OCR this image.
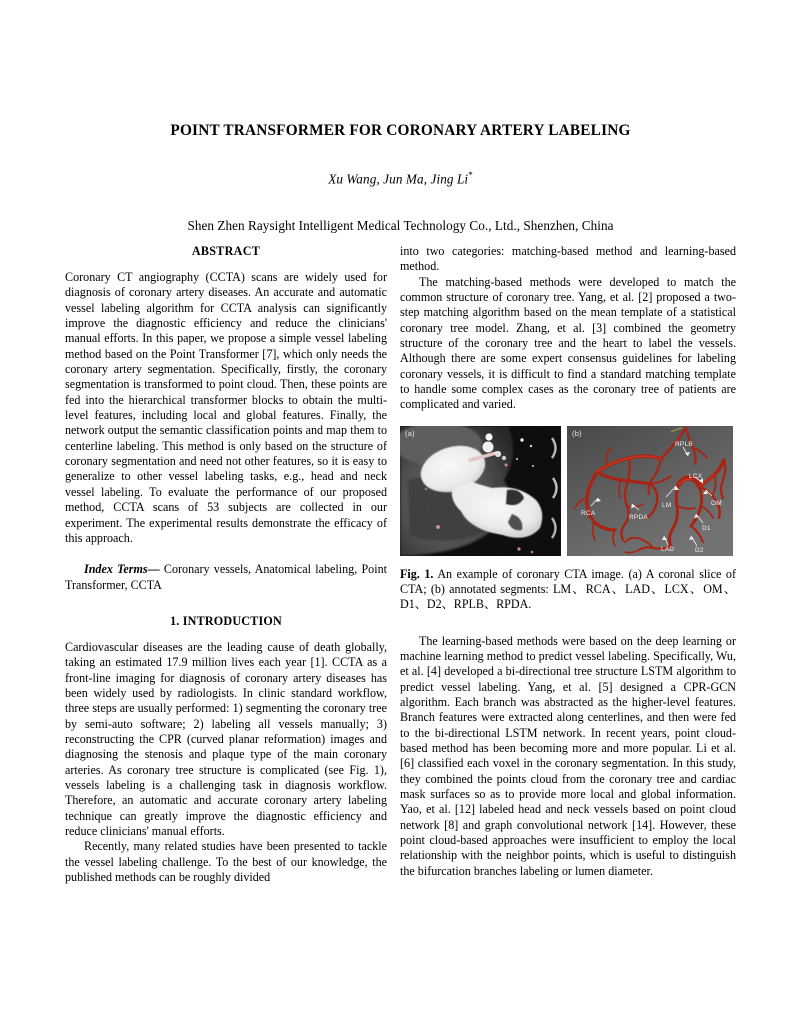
POINT TRANSFORMER FOR CORONARY ARTERY LABELING

Xu Wang, Jun Ma, Jing Li*

Shen Zhen Raysight Intelligent Medical Technology Co., Ltd., Shenzhen, China

ABSTRACT

Coronary CT angiography (CCTA) scans are widely used for diagnosis of coronary artery diseases. An accurate and automatic vessel labeling algorithm for CCTA analysis can significantly improve the diagnostic efficiency and reduce the clinicians' manual efforts. In this paper, we propose a simple vessel labeling method based on the Point Transformer [7], which only needs the coronary artery segmentation. Specifically, firstly, the coronary segmentation is transformed to point cloud. Then, these points are fed into the hierarchical transformer blocks to obtain the multi-level features, including local and global features. Finally, the network output the semantic classification points and map them to centerline labeling. This method is only based on the structure of coronary segmentation and need not other features, so it is easy to generalize to other vessel labeling tasks, e.g., head and neck vessel labeling. To evaluate the performance of our proposed method, CCTA scans of 53 subjects are collected in our experiment. The experimental results demonstrate the efficacy of this approach.

Index Terms— Coronary vessels, Anatomical labeling, Point Transformer, CCTA

1. INTRODUCTION

Cardiovascular diseases are the leading cause of death globally, taking an estimated 17.9 million lives each year [1]. CCTA as a front-line imaging for diagnosis of coronary artery diseases has been widely used by radiologists. In clinic standard workflow, three steps are usually performed: 1) segmenting the coronary tree by semi-auto software; 2) labeling all vessels manually; 3) reconstructing the CPR (curved planar reformation) images and diagnosing the stenosis and plaque type of the main coronary arteries. As coronary tree structure is complicated (see Fig. 1), vessels labeling is a challenging task in diagnosis workflow. Therefore, an automatic and accurate coronary artery labeling technique can greatly improve the diagnostic efficiency and reduce clinicians' manual efforts.

Recently, many related studies have been presented to tackle the vessel labeling challenge. To the best of our knowledge, the published methods can be roughly divided

into two categories: matching-based method and learning-based method.

The matching-based methods were developed to match the common structure of coronary tree. Yang, et al. [2] proposed a two-step matching algorithm based on the mean template of a statistical coronary tree model. Zhang, et al. [3] combined the geometry structure of the coronary tree and the heart to label the vessels. Although there are some expert consensus guidelines for labeling coronary vessels, it is difficult to find a standard matching template to handle some complex cases as the coronary tree of patients are complicated and varied.

(a)	(b)
RPLB
LCX
OM
LM
RPDA
RCA
D1
LAD	D2

Fig. 1. An example of coronary CTA image. (a) A coronal slice of CTA; (b) annotated segments: LM、RCA、LAD、LCX、OM、D1、D2、RPLB、RPDA.

The learning-based methods were based on the deep learning or machine learning method to predict vessel labeling. Specifically, Wu, et al. [4] developed a bi-directional tree structure LSTM algorithm to predict vessel labeling. Yang, et al. [5] designed a CPR-GCN algorithm. Each branch was abstracted as the higher-level features. Branch features were extracted along centerlines, and then were fed to the bi-directional LSTM network. In recent years, point cloud-based method has been becoming more and more popular. Li et al. [6] classified each voxel in the coronary segmentation. In this study, they combined the points cloud from the coronary tree and cardiac mask surfaces so as to provide more local and global information. Yao, et al. [12] labeled head and neck vessels based on point cloud network [8] and graph convolutional network [14]. However, these point cloud-based approaches were insufficient to employ the local relationship with the neighbor points, which is useful to distinguish the bifurcation branches labeling or lumen diameter.
